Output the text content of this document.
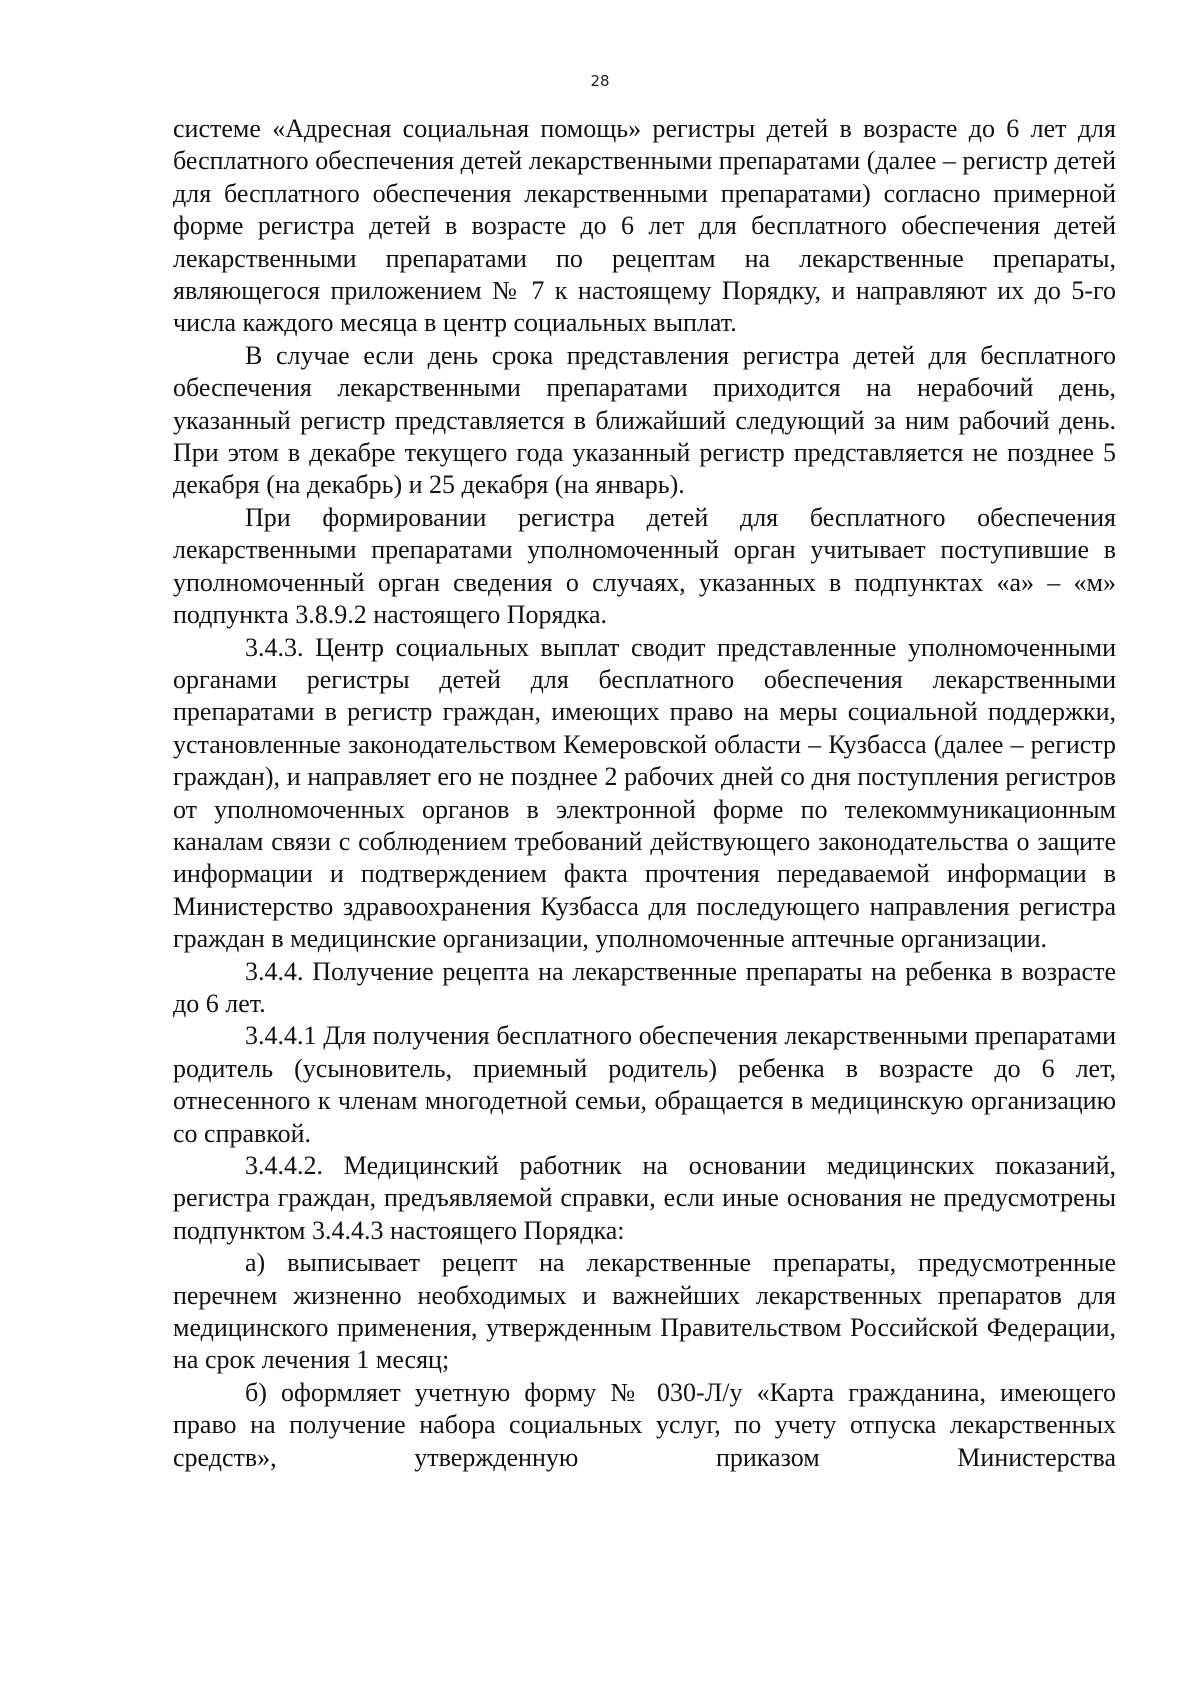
28

системе «Адресная социальная помощь» регистры детей в возрасте до 6 лет для бесплатного обеспечения детей лекарственными препаратами (далее – регистр детей для бесплатного обеспечения лекарственными препаратами) согласно примерной форме регистра детей в возрасте до 6 лет для бесплатного обеспечения детей лекарственными препаратами по рецептам на лекарственные препараты, являющегося приложением № 7 к настоящему Порядку, и направляют их до 5-го числа каждого месяца в центр социальных выплат.

В случае если день срока представления регистра детей для бесплатного обеспечения лекарственными препаратами приходится на нерабочий день, указанный регистр представляется в ближайший следующий за ним рабочий день. При этом в декабре текущего года указанный регистр представляется не позднее 5 декабря (на декабрь) и 25 декабря (на январь).

При формировании регистра детей для бесплатного обеспечения лекарственными препаратами уполномоченный орган учитывает поступившие в уполномоченный орган сведения о случаях, указанных в подпунктах «а» – «м» подпункта 3.8.9.2 настоящего Порядка.

3.4.3. Центр социальных выплат сводит представленные уполномоченными органами регистры детей для бесплатного обеспечения лекарственными препаратами в регистр граждан, имеющих право на меры социальной поддержки, установленные законодательством Кемеровской области – Кузбасса (далее – регистр граждан), и направляет его не позднее 2 рабочих дней со дня поступления регистров от уполномоченных органов в электронной форме по телекоммуникационным каналам связи с соблюдением требований действующего законодательства о защите информации и подтверждением факта прочтения передаваемой информации в Министерство здравоохранения Кузбасса для последующего направления регистра граждан в медицинские организации, уполномоченные аптечные организации.

3.4.4. Получение рецепта на лекарственные препараты на ребенка в возрасте до 6 лет.

3.4.4.1 Для получения бесплатного обеспечения лекарственными препаратами родитель (усыновитель, приемный родитель) ребенка в возрасте до 6 лет, отнесенного к членам многодетной семьи, обращается в медицинскую организацию со справкой.

3.4.4.2. Медицинский работник на основании медицинских показаний, регистра граждан, предъявляемой справки, если иные основания не предусмотрены подпунктом 3.4.4.3 настоящего Порядка:

а) выписывает рецепт на лекарственные препараты, предусмотренные перечнем жизненно необходимых и важнейших лекарственных препаратов для медицинского применения, утвержденным Правительством Российской Федерации, на срок лечения 1 месяц;

б) оформляет учетную форму № 030-Л/у «Карта гражданина, имеющего право на получение набора социальных услуг, по учету отпуска лекарственных средств», утвержденную приказом Министерства
